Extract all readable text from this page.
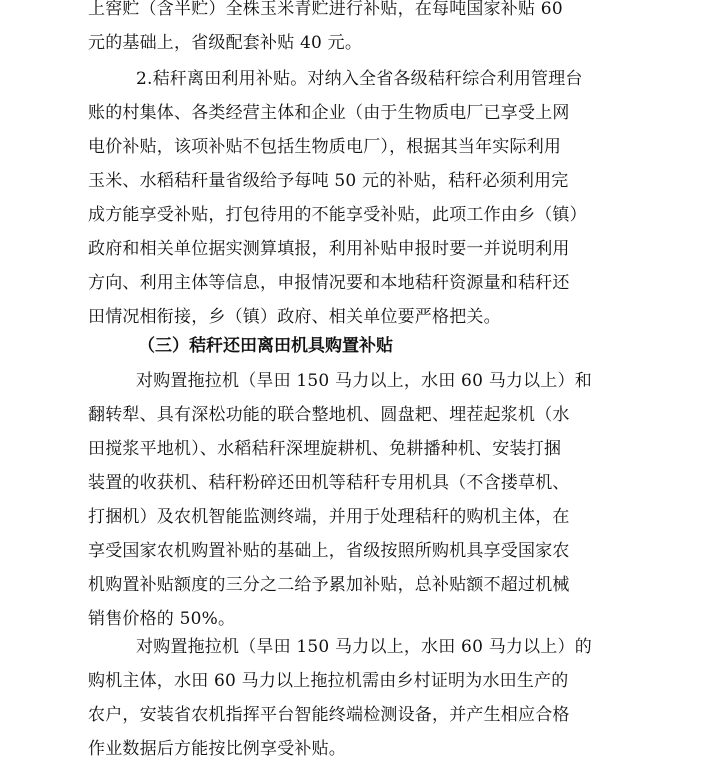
上窖贮（含半贮）全株玉米青贮进行补贴，在每吨国家补贴 60
元的基础上，省级配套补贴 40 元。
2.秸秆离田利用补贴。对纳入全省各级秸秆综合利用管理台
账的村集体、各类经营主体和企业（由于生物质电厂已享受上网
电价补贴，该项补贴不包括生物质电厂），根据其当年实际利用
玉米、水稻秸秆量省级给予每吨 50 元的补贴，秸秆必须利用完
成方能享受补贴，打包待用的不能享受补贴，此项工作由乡（镇）
政府和相关单位据实测算填报，利用补贴申报时要一并说明利用
方向、利用主体等信息，申报情况要和本地秸秆资源量和秸秆还
田情况相衔接，乡（镇）政府、相关单位要严格把关。
（三）秸秆还田离田机具购置补贴
对购置拖拉机（旱田 150 马力以上，水田 60 马力以上）和
翻转犁、具有深松功能的联合整地机、圆盘耙、埋茬起浆机（水
田搅浆平地机）、水稻秸秆深埋旋耕机、免耕播种机、安装打捆
装置的收获机、秸秆粉碎还田机等秸秆专用机具（不含搂草机、
打捆机）及农机智能监测终端，并用于处理秸秆的购机主体，在
享受国家农机购置补贴的基础上，省级按照所购机具享受国家农
机购置补贴额度的三分之二给予累加补贴，总补贴额不超过机械
销售价格的 50%。
对购置拖拉机（旱田 150 马力以上，水田 60 马力以上）的
购机主体，水田 60 马力以上拖拉机需由乡村证明为水田生产的
农户，安装省农机指挥平台智能终端检测设备，并产生相应合格
作业数据后方能按比例享受补贴。
